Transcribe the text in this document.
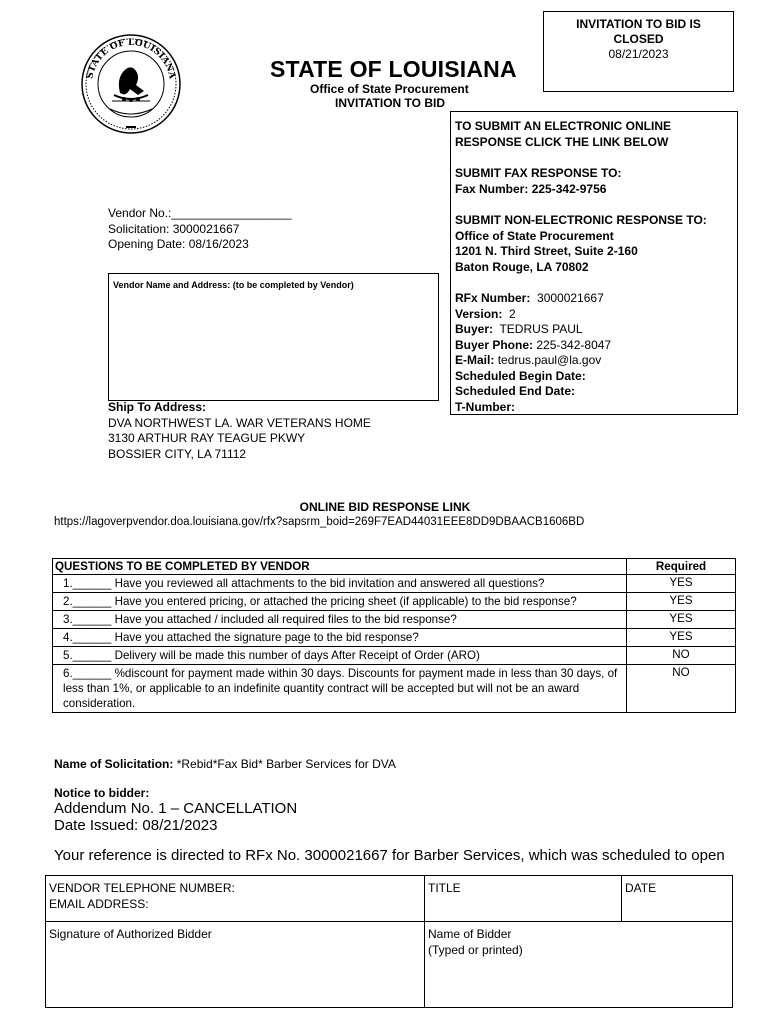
INVITATION TO BID IS
CLOSED
08/21/2023
STATE OF LOUISIANA	STATE OF LOUISIANA
Office of State Procurement
INVITATION TO BID
TO SUBMIT AN ELECTRONIC ONLINE
RESPONSE CLICK THE LINK BELOW
SUBMIT FAX RESPONSE TO:
Fax Number: 225-342-9756
SUBMIT NON-ELECTRONIC RESPONSE TO:
Office of State Procurement
1201 N. Third Street, Suite 2-160
Baton Rouge, LA 70802
RFx Number: 3000021667
Version: 2
Buyer: TEDRUS PAUL
Buyer Phone: 225-342-8047
E-Mail: tedrus.paul@la.gov
Scheduled Begin Date:
Scheduled End Date:
T-Number:
Vendor No.:__________________
Solicitation: 3000021667
Opening Date: 08/16/2023
Vendor Name and Address: (to be completed by Vendor)
Ship To Address:
DVA NORTHWEST LA. WAR VETERANS HOME
3130 ARTHUR RAY TEAGUE PKWY
BOSSIER CITY, LA 71112
ONLINE BID RESPONSE LINK
https://lagoverpvendor.doa.louisiana.gov/rfx?sapsrm_boid=269F7EAD44031EEE8DD9DBAACB1606BD
QUESTIONS TO BE COMPLETED BY VENDOR	Required
1.______ Have you reviewed all attachments to the bid invitation and answered all questions?	YES
2.______ Have you entered pricing, or attached the pricing sheet (if applicable) to the bid response?	YES
3.______ Have you attached / included all required files to the bid response?	YES
4.______ Have you attached the signature page to the bid response?	YES
5.______ Delivery will be made this number of days After Receipt of Order (ARO)	NO
6.______ %discount for payment made within 30 days. Discounts for payment made in less than 30 days, of less than 1%, or applicable to an indefinite quantity contract will be accepted but will not be an award consideration.	NO
Name of Solicitation: *Rebid*Fax Bid* Barber Services for DVA
Notice to bidder:
Addendum No. 1 – CANCELLATION
Date Issued: 08/21/2023
Your reference is directed to RFx No. 3000021667 for Barber Services, which was scheduled to open
VENDOR TELEPHONE NUMBER:
EMAIL ADDRESS:	TITLE	DATE

Signature of Authorized Bidder	Name of Bidder
(Typed or printed)	
